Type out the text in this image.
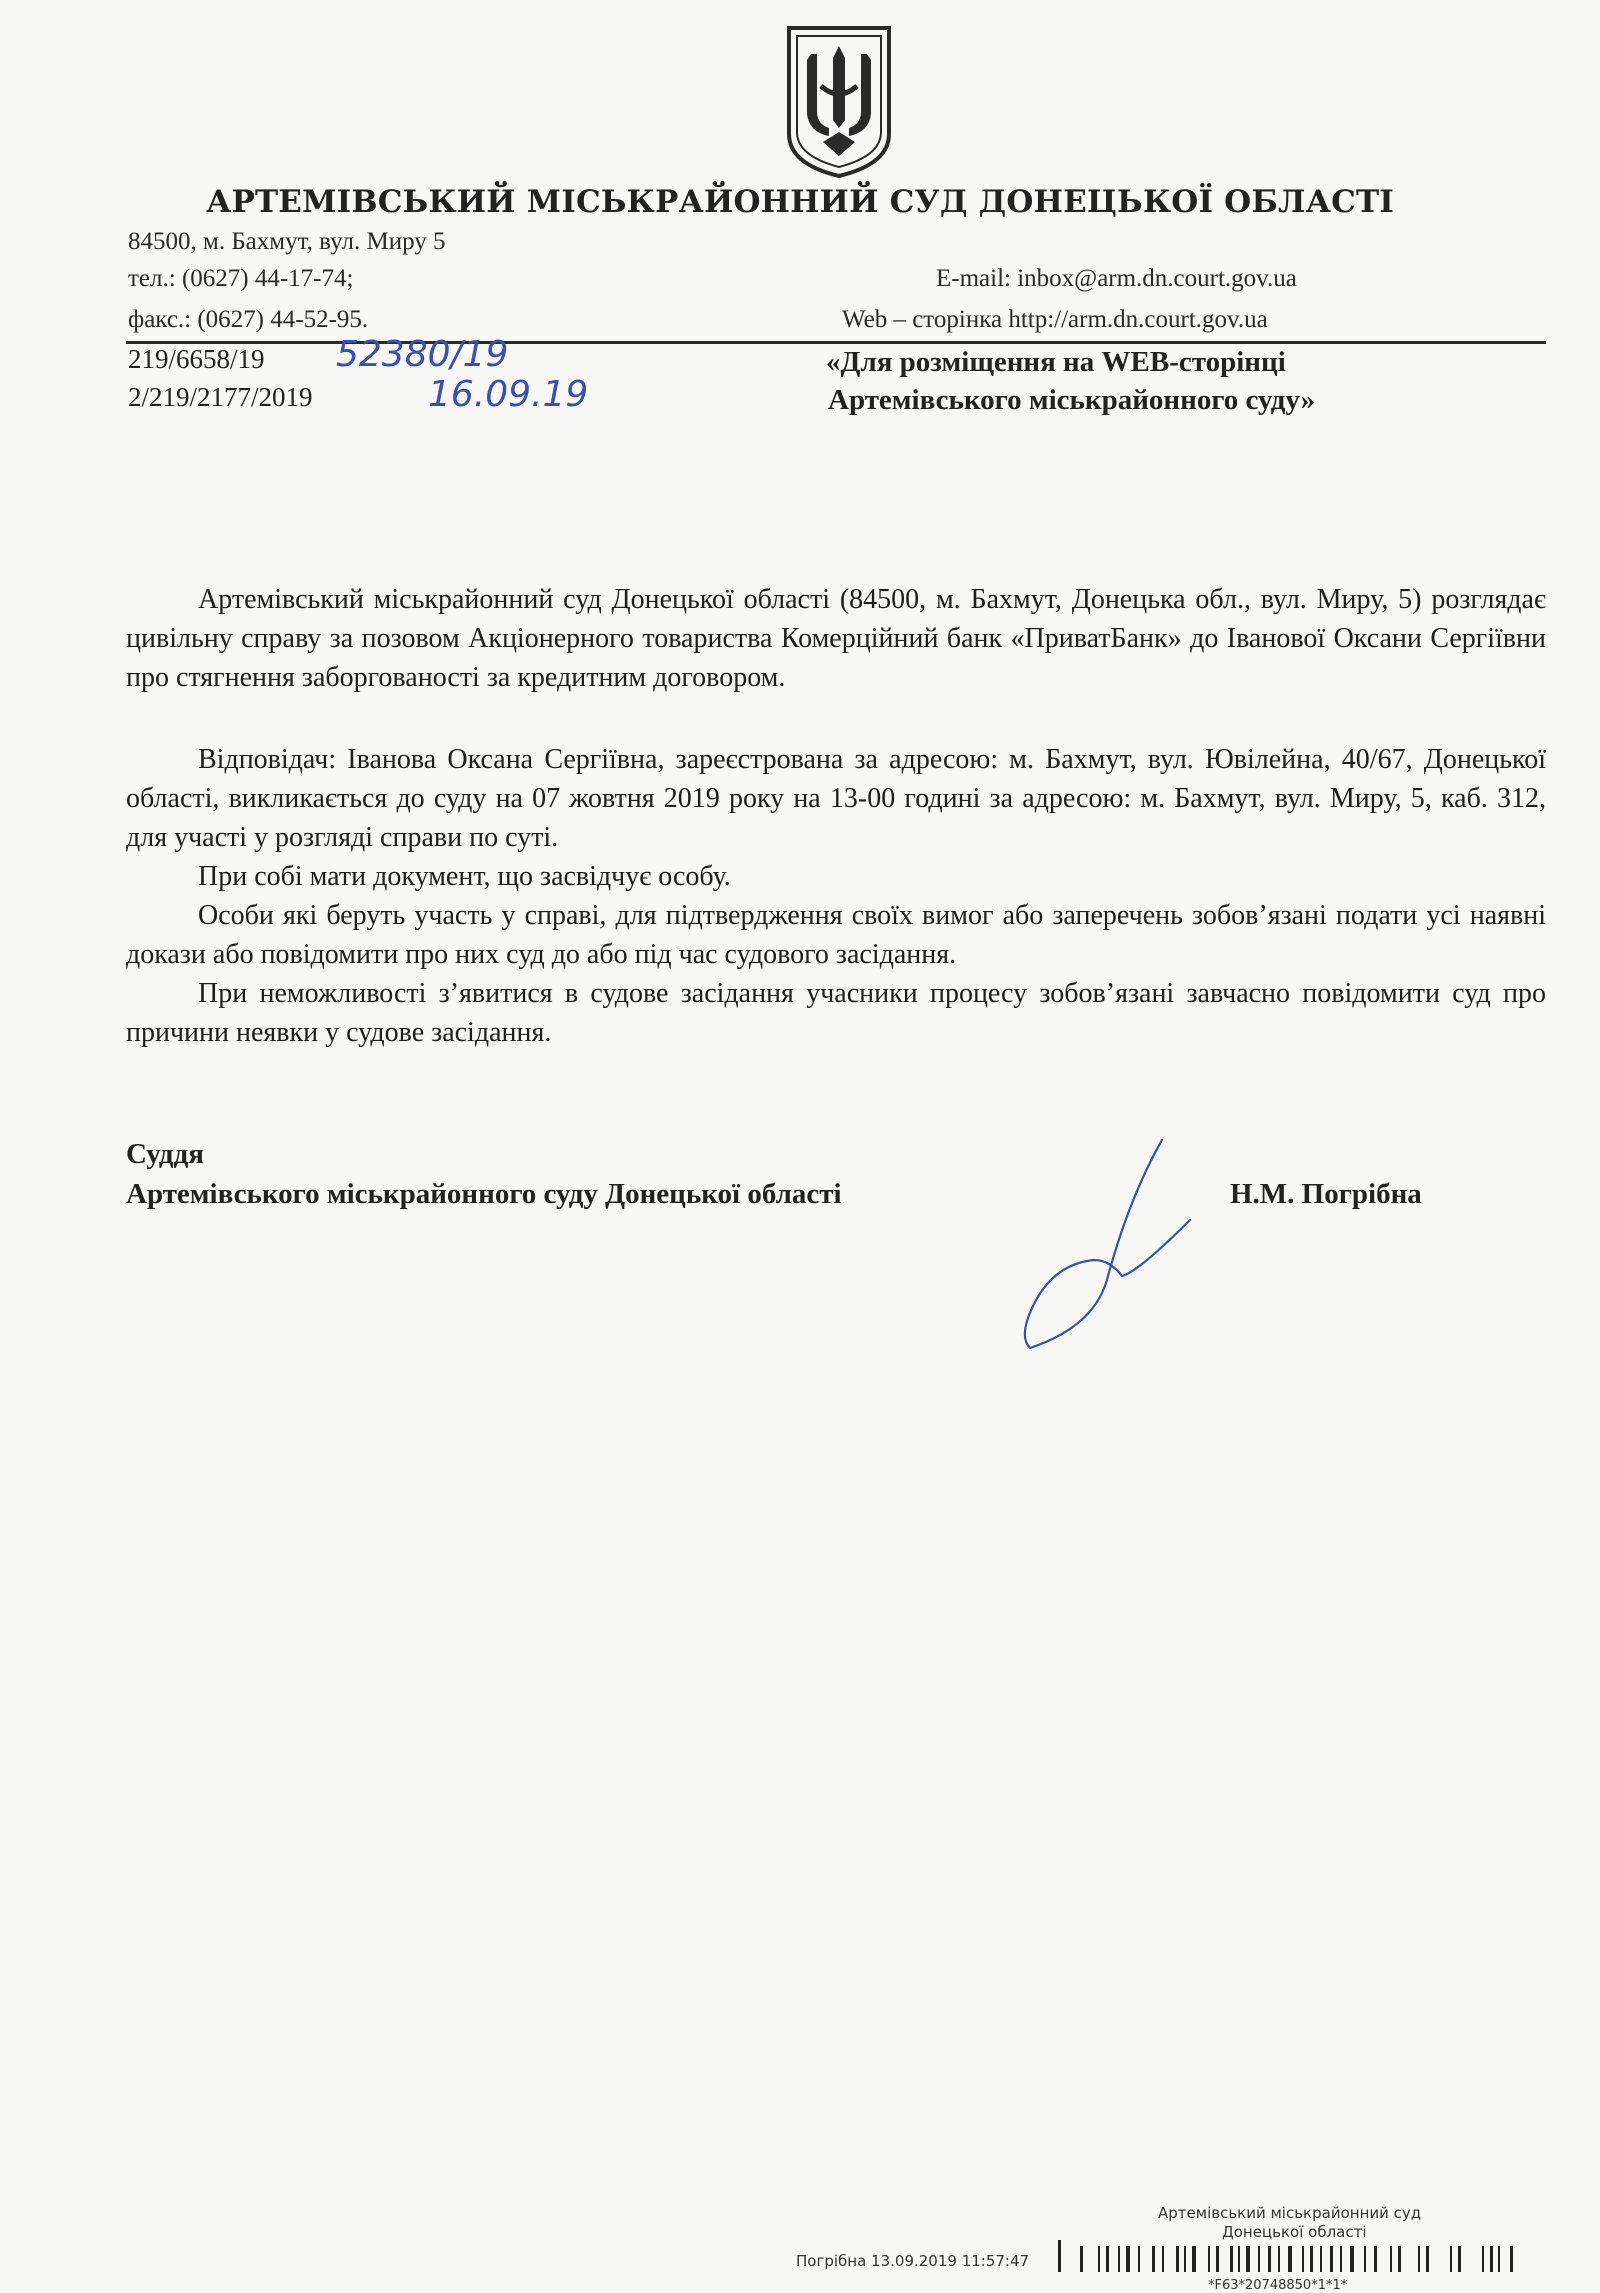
АРТЕМІВСЬКИЙ МІСЬКРАЙОННИЙ СУД ДОНЕЦЬКОЇ ОБЛАСТІ
84500, м. Бахмут, вул. Миру 5
тел.: (0627) 44-17-74;
факс.: (0627) 44-52-95.
E-mail: inbox@arm.dn.court.gov.ua
Web – сторінка http://arm.dn.court.gov.ua
219/6658/19
2/219/2177/2019
52380/19
16.09.19
«Для розміщення на WEB-сторінці
Артемівського міськрайонного суду»

Артемівський міськрайонний суд Донецької області (84500, м. Бахмут, Донецька обл., вул. Миру, 5) розглядає цивільну справу за позовом Акціонерного товариства Комерційний банк «ПриватБанк» до Іванової Оксани Сергіївни про стягнення заборгованості за кредитним договором.

Відповідач: Іванова Оксана Сергіївна, зареєстрована за адресою: м. Бахмут, вул. Ювілейна, 40/67, Донецької області, викликається до суду на 07 жовтня 2019 року на 13-00 годині за адресою: м. Бахмут, вул. Миру, 5, каб. 312, для участі у розгляді справи по суті.

При собі мати документ, що засвідчує особу.

Особи які беруть участь у справі, для підтвердження своїх вимог або заперечень зобов’язані подати усі наявні докази або повідомити про них суд до або під час судового засідання.

При неможливості з’явитися в судове засідання учасники процесу зобов’язані завчасно повідомити суд про причини неявки у судове засідання.

Суддя
Артемівського міськрайонного суду Донецької області	Н.М. Погрібна
Артемівський міськрайонний суд
Донецької області
Погрібна 13.09.2019 11:57:47
*F63*20748850*1*1*
